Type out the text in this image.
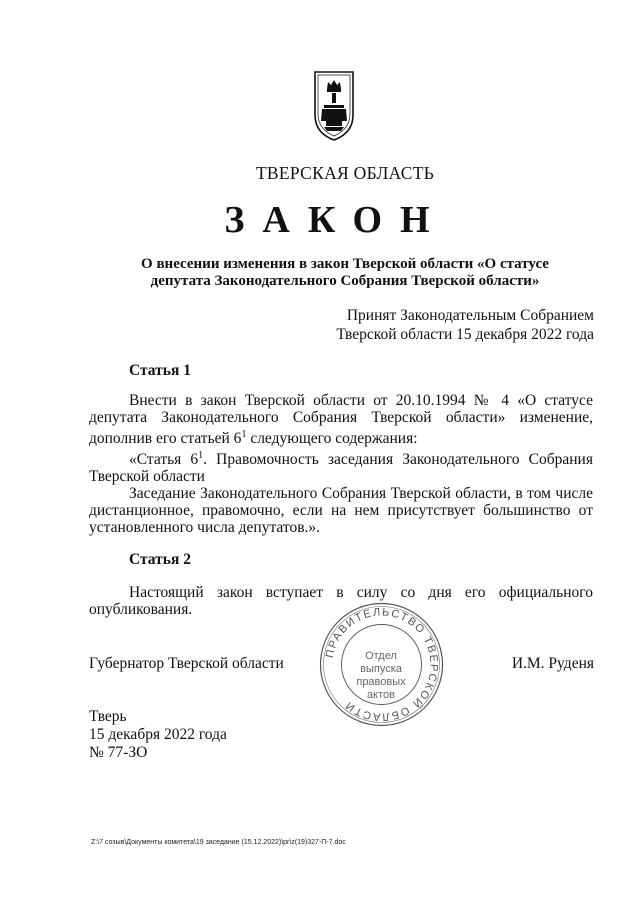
ТВЕРСКАЯ ОБЛАСТЬ
ЗАКОН
О внесении изменения в закон Тверской области «О статусе
депутата Законодательного Собрания Тверской области»
Принят Законодательным Собранием
Тверской области 15 декабря 2022 года
Статья 1

Внести в закон Тверской области от 20.10.1994 № 4 «О статусе депутата Законодательного Собрания Тверской области» изменение, дополнив его статьей $6^1$ следующего содержания:

«Статья $6^1$. Правомочность заседания Законодательного Собрания Тверской области

Заседание Законодательного Собрания Тверской области, в том числе дистанционное, правомочно, если на нем присутствует большинство от установленного числа депутатов.».

Статья 2

Настоящий закон вступает в силу со дня его официального опубликования.

Губернатор Тверской области	И.М. Руденя
ПРАВИТЕЛЬСТВО ТВЕРСКОЙ ОБЛАСТИ
Отдел
выпуска
правовых
актов
Тверь
15 декабря 2022 года
№ 77-ЗО
Z:\7 созыв\Документы комитета\19 заседание (15.12.2022)\pr\z(19)327-П-7.doc
